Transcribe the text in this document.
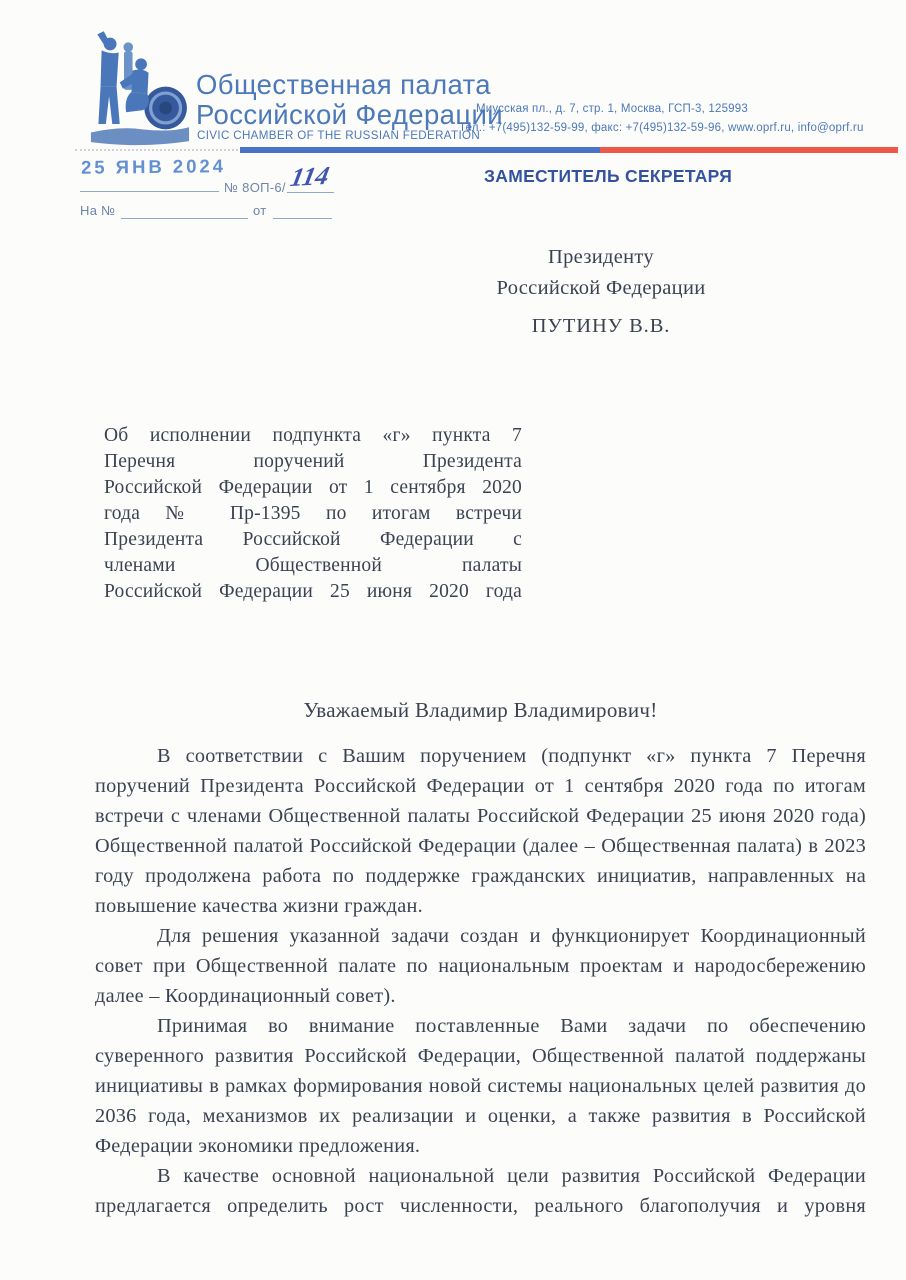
Общественная палата
Российской Федерации
CIVIC CHAMBER OF THE RUSSIAN FEDERATION
Миусская пл., д. 7, стр. 1, Москва, ГСП-3, 125993
Тел.: +7(495)132-59-99, факс: +7(495)132-59-96, www.oprf.ru, info@oprf.ru
25 ЯНВ 2024
№ 8ОП-6/ 114
На №	от
ЗАМЕСТИТЕЛЬ СЕКРЕТАРЯ
Президенту
Российской Федерации
ПУТИНУ В.В.
Об исполнении подпункта «г» пункта 7
Перечня поручений Президента
Российской Федерации от 1 сентября 2020
года № Пр-1395 по итогам встречи
Президента Российской Федерации с
членами Общественной палаты
Российской Федерации 25 июня 2020 года
Уважаемый Владимир Владимирович!

В соответствии с Вашим поручением (подпункт «г» пункта 7 Перечня поручений Президента Российской Федерации от 1 сентября 2020 года по итогам встречи с членами Общественной палаты Российской Федерации 25 июня 2020 года) Общественной палатой Российской Федерации (далее – Общественная палата) в 2023 году продолжена работа по поддержке гражданских инициатив, направленных на повышение качества жизни граждан.

Для решения указанной задачи создан и функционирует Координационный совет при Общественной палате по национальным проектам и народосбережению далее – Координационный совет).

Принимая во внимание поставленные Вами задачи по обеспечению суверенного развития Российской Федерации, Общественной палатой поддержаны инициативы в рамках формирования новой системы национальных целей развития до 2036 года, механизмов их реализации и оценки, а также развития в Российской Федерации экономики предложения.

В качестве основной национальной цели развития Российской Федерации предлагается определить рост численности, реального благополучия и уровня
